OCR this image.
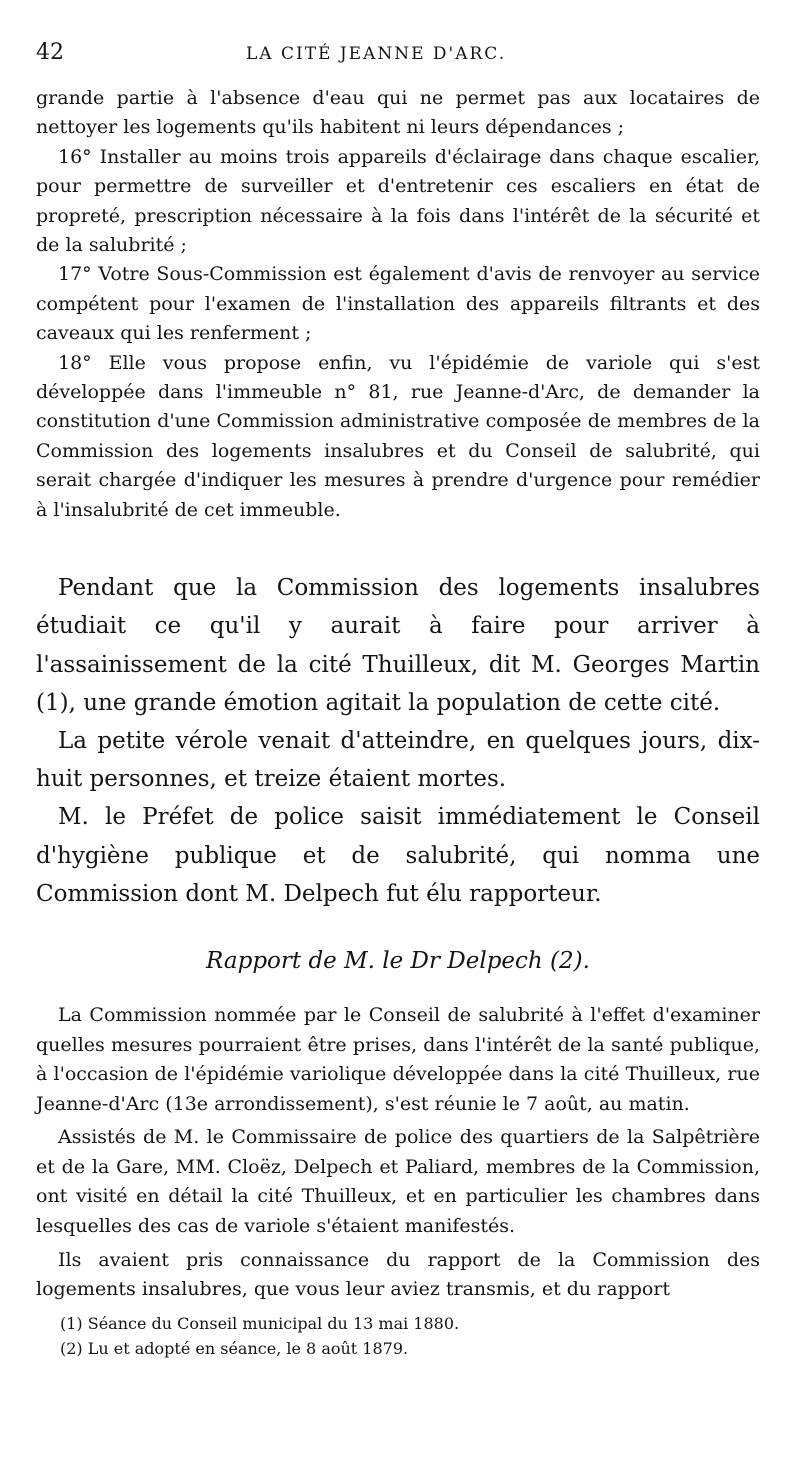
42	LA CITÉ JEANNE D'ARC.

grande partie à l'absence d'eau qui ne permet pas aux locataires de nettoyer les logements qu'ils habitent ni leurs dépendances ;

16° Installer au moins trois appareils d'éclairage dans chaque escalier, pour permettre de surveiller et d'entretenir ces escaliers en état de propreté, prescription nécessaire à la fois dans l'intérêt de la sécurité et de la salubrité ;

17° Votre Sous-Commission est également d'avis de renvoyer au service compétent pour l'examen de l'installation des appareils filtrants et des caveaux qui les renferment ;

18° Elle vous propose enfin, vu l'épidémie de variole qui s'est développée dans l'immeuble n° 81, rue Jeanne-d'Arc, de demander la constitution d'une Commission administrative composée de membres de la Commission des logements insalubres et du Conseil de salubrité, qui serait chargée d'indiquer les mesures à prendre d'urgence pour remédier à l'insalubrité de cet immeuble.

Pendant que la Commission des logements insalubres étudiait ce qu'il y aurait à faire pour arriver à l'assainissement de la cité Thuilleux, dit M. Georges Martin (1), une grande émotion agitait la population de cette cité.

La petite vérole venait d'atteindre, en quelques jours, dix-huit personnes, et treize étaient mortes.

M. le Préfet de police saisit immédiatement le Conseil d'hygiène publique et de salubrité, qui nomma une Commission dont M. Delpech fut élu rapporteur.

Rapport de M. le Dr Delpech (2).

La Commission nommée par le Conseil de salubrité à l'effet d'examiner quelles mesures pourraient être prises, dans l'intérêt de la santé publique, à l'occasion de l'épidémie variolique développée dans la cité Thuilleux, rue Jeanne-d'Arc (13e arrondissement), s'est réunie le 7 août, au matin.

Assistés de M. le Commissaire de police des quartiers de la Salpêtrière et de la Gare, MM. Cloëz, Delpech et Paliard, membres de la Commission, ont visité en détail la cité Thuilleux, et en particulier les chambres dans lesquelles des cas de variole s'étaient manifestés.

Ils avaient pris connaissance du rapport de la Commission des logements insalubres, que vous leur aviez transmis, et du rapport

(1) Séance du Conseil municipal du 13 mai 1880.
(2) Lu et adopté en séance, le 8 août 1879.
